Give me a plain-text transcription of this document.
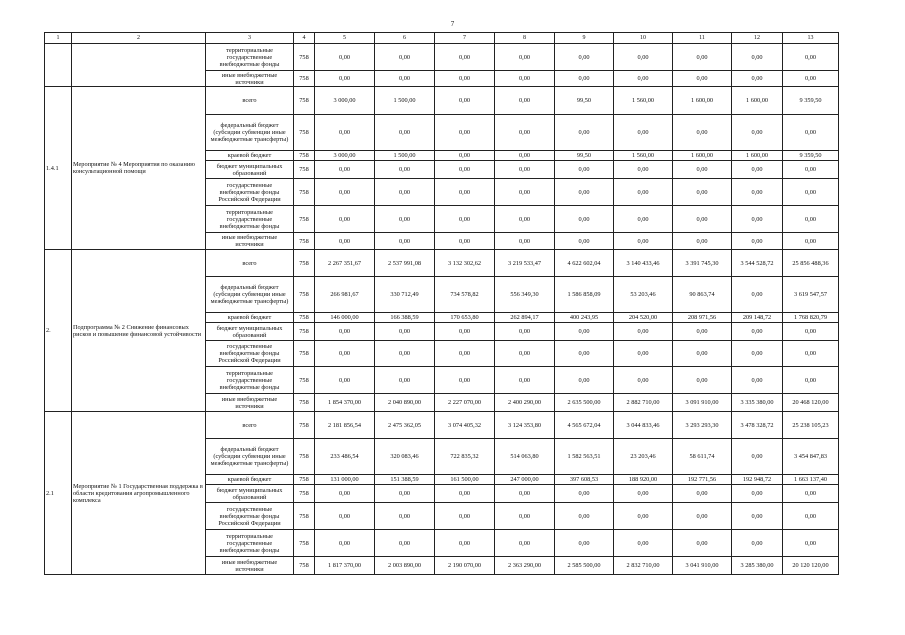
7
1	2	3	4	5	6	7	8	9	10	11	12	13
		территориальные государственные внебюджетные фонды	758	0,00	0,00	0,00	0,00	0,00	0,00	0,00	0,00	0,00
		иные внебюджетные источники	758	0,00	0,00	0,00	0,00	0,00	0,00	0,00	0,00	0,00
1.4.1	Мероприятие № 4 Мероприятия по оказанию консультационной помощи	всего	758	3 000,00	1 500,00	0,00	0,00	99,50	1 560,00	1 600,00	1 600,00	9 359,50
		федеральный бюджет (субсидии субвенции иные межбюджетные трансферты)	758	0,00	0,00	0,00	0,00	0,00	0,00	0,00	0,00	0,00
		краевой бюджет	758	3 000,00	1 500,00	0,00	0,00	99,50	1 560,00	1 600,00	1 600,00	9 359,50
		бюджет муниципальных образований	758	0,00	0,00	0,00	0,00	0,00	0,00	0,00	0,00	0,00
		государственные внебюджетные фонды Российской Федерации	758	0,00	0,00	0,00	0,00	0,00	0,00	0,00	0,00	0,00
		территориальные государственные внебюджетные фонды	758	0,00	0,00	0,00	0,00	0,00	0,00	0,00	0,00	0,00
		иные внебюджетные источники	758	0,00	0,00	0,00	0,00	0,00	0,00	0,00	0,00	0,00
2.	Подпрограмма № 2 Снижение финансовых рисков и повышение финансовой устойчивости	всего	758	2 267 351,67	2 537 991,08	3 132 302,62	3 219 533,47	4 622 602,04	3 140 433,46	3 391 745,30	3 544 528,72	25 856 488,36
		федеральный бюджет (субсидии субвенции иные межбюджетные трансферты)	758	266 981,67	330 712,49	734 578,82	556 349,30	1 586 858,09	53 203,46	90 863,74	0,00	3 619 547,57
		краевой бюджет	758	146 000,00	166 388,59	170 653,80	262 894,17	400 243,95	204 520,00	208 971,56	209 148,72	1 768 820,79
		бюджет муниципальных образований	758	0,00	0,00	0,00	0,00	0,00	0,00	0,00	0,00	0,00
		государственные внебюджетные фонды Российской Федерации	758	0,00	0,00	0,00	0,00	0,00	0,00	0,00	0,00	0,00
		территориальные государственные внебюджетные фонды	758	0,00	0,00	0,00	0,00	0,00	0,00	0,00	0,00	0,00
		иные внебюджетные источники	758	1 854 370,00	2 040 890,00	2 227 070,00	2 400 290,00	2 635 500,00	2 882 710,00	3 091 910,00	3 335 380,00	20 468 120,00
2.1	Мероприятие № 1 Государственная поддержка в области кредитования агропромышленного комплекса	всего	758	2 181 856,54	2 475 362,05	3 074 405,32	3 124 353,80	4 565 672,04	3 044 833,46	3 293 293,30	3 478 328,72	25 238 105,23
		федеральный бюджет (субсидии субвенции иные межбюджетные трансферты)	758	233 486,54	320 083,46	722 835,32	514 063,80	1 582 563,51	23 203,46	58 611,74	0,00	3 454 847,83
		краевой бюджет	758	131 000,00	151 388,59	161 500,00	247 000,00	397 608,53	188 920,00	192 771,56	192 948,72	1 663 137,40
		бюджет муниципальных образований	758	0,00	0,00	0,00	0,00	0,00	0,00	0,00	0,00	0,00
		государственные внебюджетные фонды Российской Федерации	758	0,00	0,00	0,00	0,00	0,00	0,00	0,00	0,00	0,00
		территориальные государственные внебюджетные фонды	758	0,00	0,00	0,00	0,00	0,00	0,00	0,00	0,00	0,00
		иные внебюджетные источники	758	1 817 370,00	2 003 890,00	2 190 070,00	2 363 290,00	2 585 500,00	2 832 710,00	3 041 910,00	3 285 380,00	20 120 120,00
